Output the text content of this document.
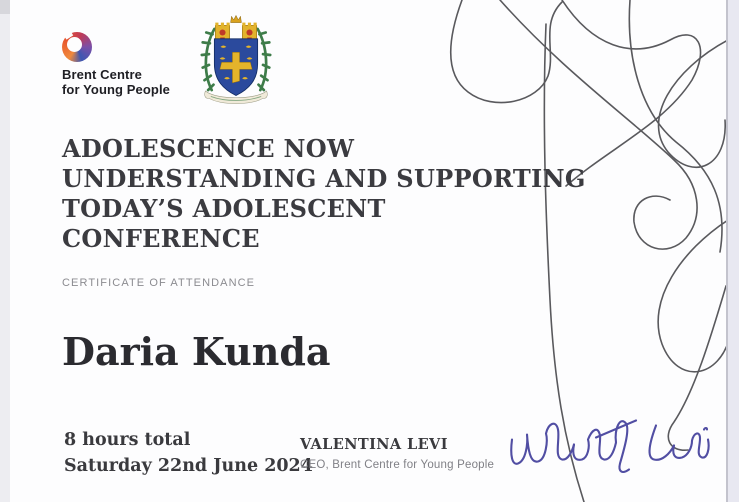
Brent Centre
for Young People
ADOLESCENCE NOW
UNDERSTANDING AND SUPPORTING
TODAY’S ADOLESCENT
CONFERENCE
CERTIFICATE OF ATTENDANCE
Daria Kunda
8 hours total
Saturday 22nd June 2024
VALENTINA LEVI
CEO, Brent Centre for Young People
